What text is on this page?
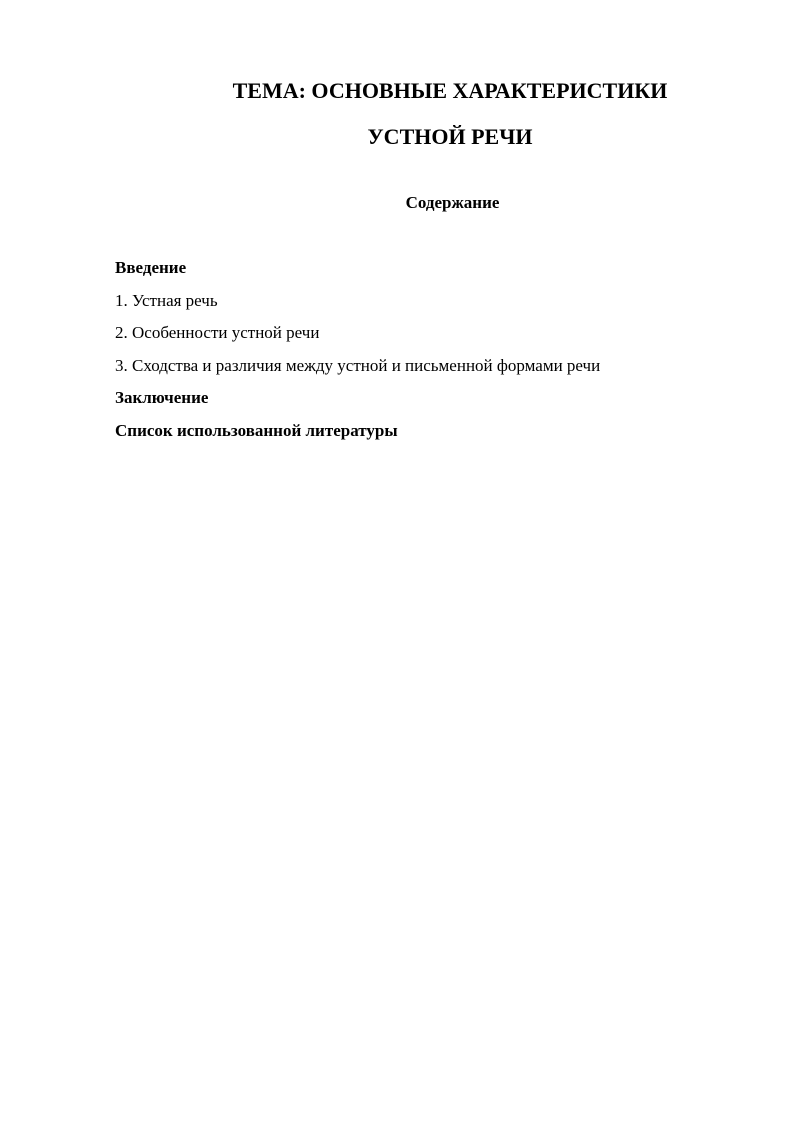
ТЕМА: ОСНОВНЫЕ ХАРАКТЕРИСТИКИ
УСТНОЙ РЕЧИ
Содержание
Введение
1. Устная речь
2. Особенности устной речи
3. Сходства и различия между устной и письменной формами речи
Заключение
Список использованной литературы
